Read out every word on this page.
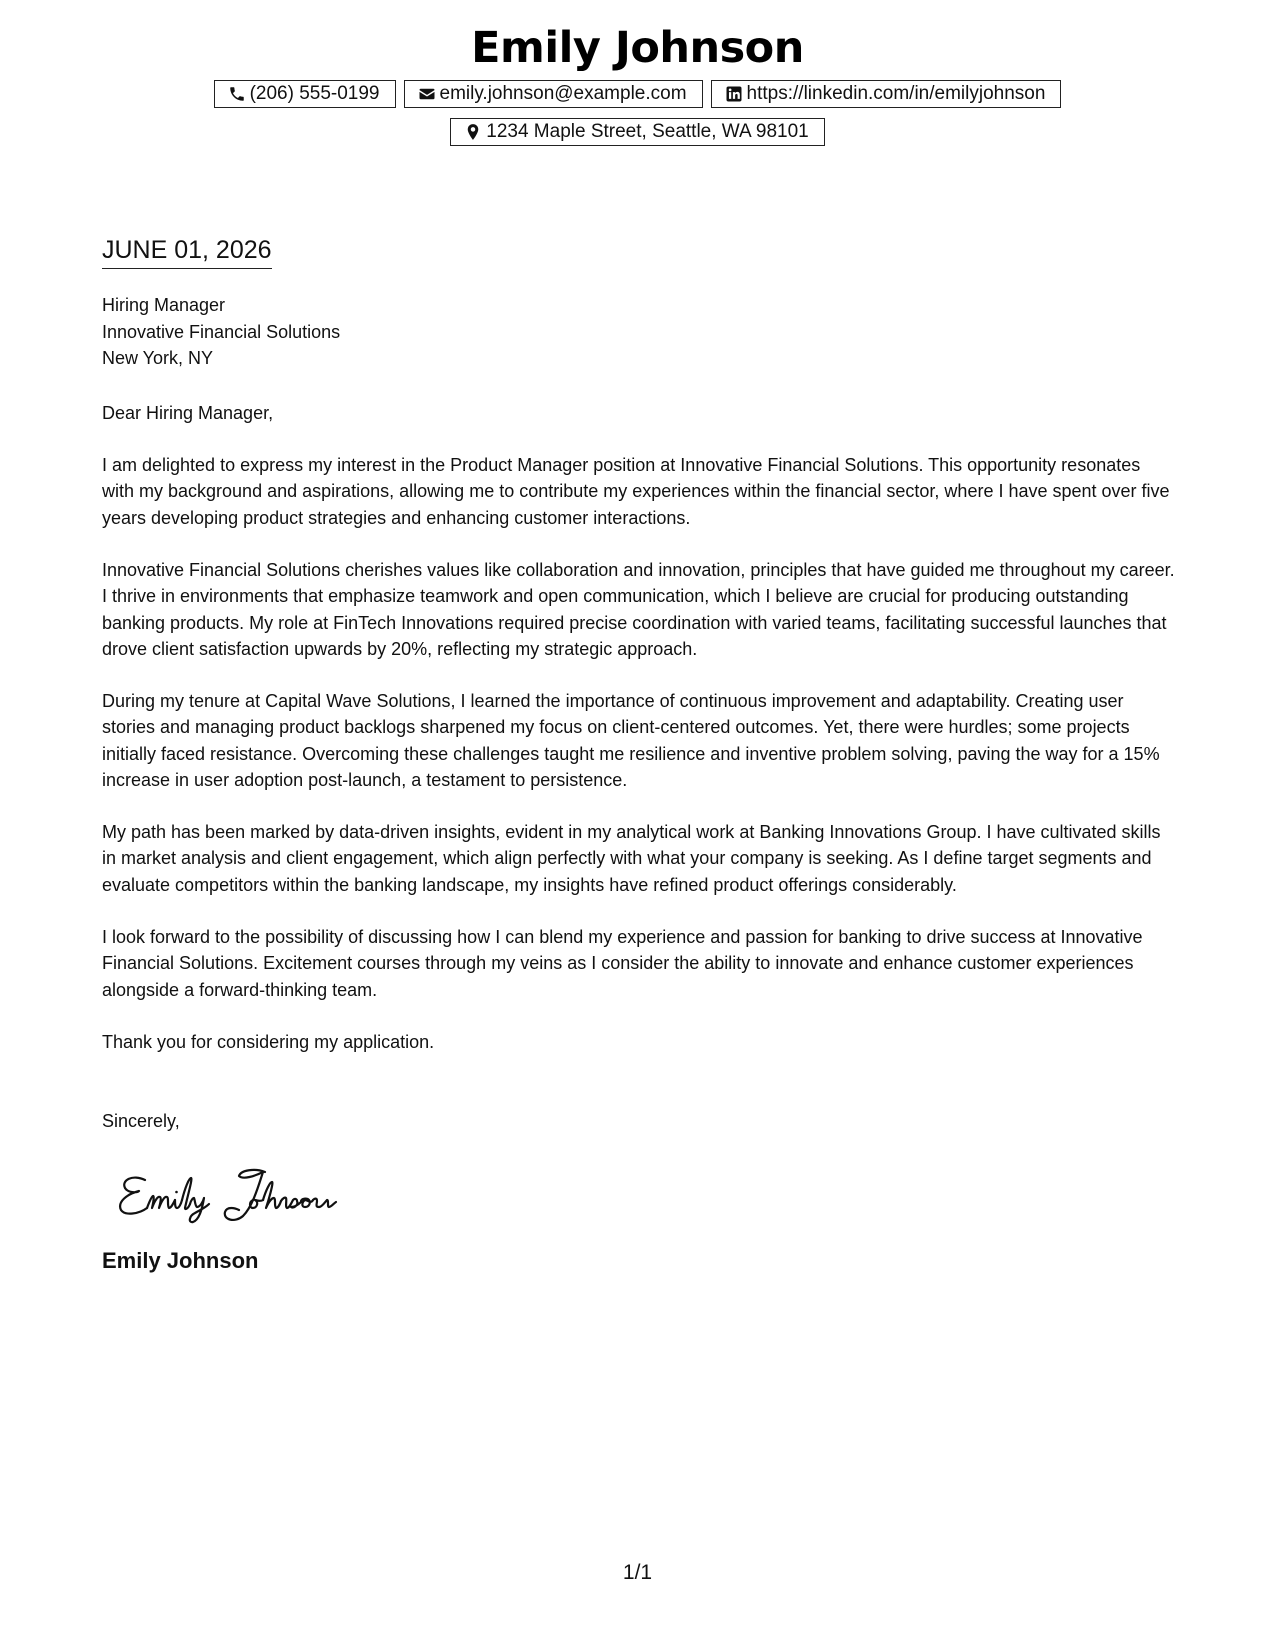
Emily Johnson
(206) 555-0199	emily.johnson@example.com	https://linkedin.com/in/emilyjohnson
1234 Maple Street, Seattle, WA 98101
JUNE 01, 2026
Hiring Manager
Innovative Financial Solutions
New York, NY
Dear Hiring Manager,

I am delighted to express my interest in the Product Manager position at Innovative Financial Solutions. This opportunity resonates with my background and aspirations, allowing me to contribute my experiences within the financial sector, where I have spent over five years developing product strategies and enhancing customer interactions.

Innovative Financial Solutions cherishes values like collaboration and innovation, principles that have guided me throughout my career. I thrive in environments that emphasize teamwork and open communication, which I believe are crucial for producing outstanding banking products. My role at FinTech Innovations required precise coordination with varied teams, facilitating successful launches that drove client satisfaction upwards by 20%, reflecting my strategic approach.

During my tenure at Capital Wave Solutions, I learned the importance of continuous improvement and adaptability. Creating user stories and managing product backlogs sharpened my focus on client-centered outcomes. Yet, there were hurdles; some projects initially faced resistance. Overcoming these challenges taught me resilience and inventive problem solving, paving the way for a 15% increase in user adoption post-launch, a testament to persistence.

My path has been marked by data-driven insights, evident in my analytical work at Banking Innovations Group. I have cultivated skills in market analysis and client engagement, which align perfectly with what your company is seeking. As I define target segments and evaluate competitors within the banking landscape, my insights have refined product offerings considerably.

I look forward to the possibility of discussing how I can blend my experience and passion for banking to drive success at Innovative Financial Solutions. Excitement courses through my veins as I consider the ability to innovate and enhance customer experiences alongside a forward-thinking team.

Thank you for considering my application.

Sincerely,
Emily Johnson
1/1
